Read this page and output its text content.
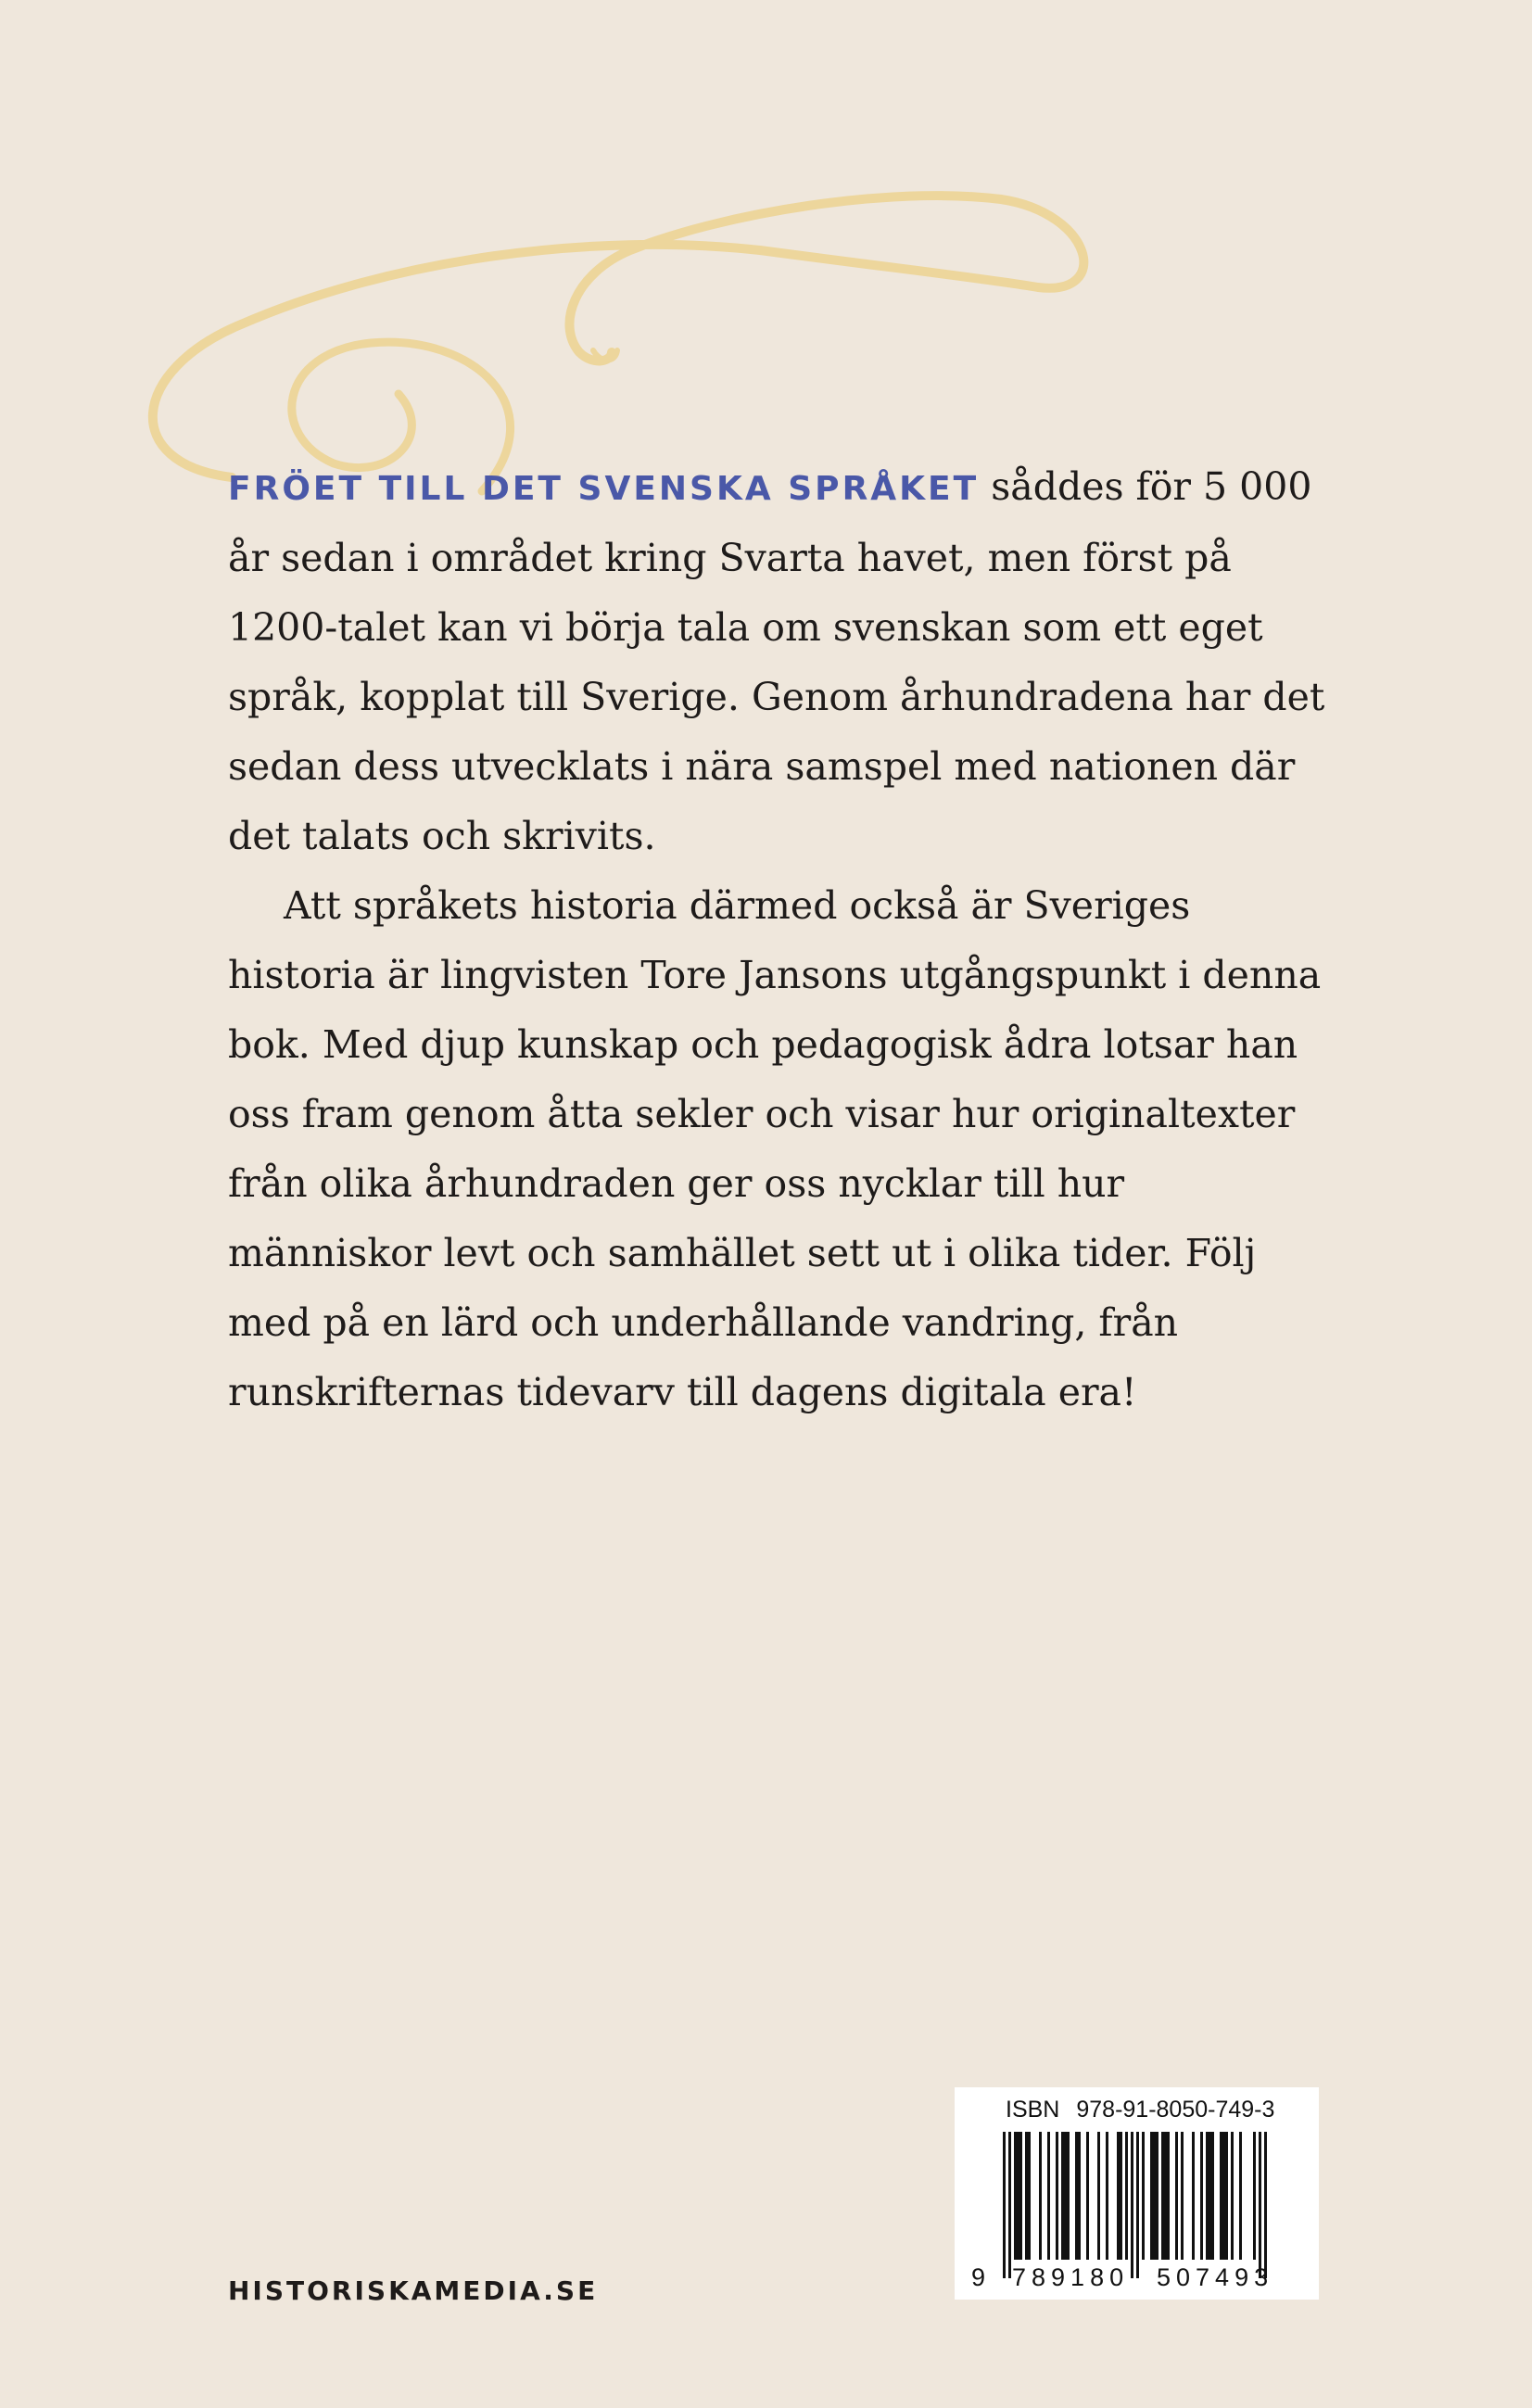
FRÖET TILL DET SVENSKA SPRÅKET såddes för 5 000 år sedan i området kring Svarta havet, men först på 1200-talet kan vi börja tala om svenskan som ett eget språk, kopplat till Sverige. Genom århundradena har det sedan dess utvecklats i nära samspel med nationen där det talats och skrivits.

Att språkets historia därmed också är Sveriges historia är lingvisten Tore Jansons utgångspunkt i denna bok. Med djup kunskap och pedagogisk ådra lotsar han oss fram genom åtta sekler och visar hur originaltexter från olika århundraden ger oss nycklar till hur människor levt och samhället sett ut i olika tider. Följ med på en lärd och underhållande vandring, från runskrifternas tidevarv till dagens digitala era!

HISTORISKAMEDIA.SE
ISBN 978-91-8050-749-3
9 789180 507493
